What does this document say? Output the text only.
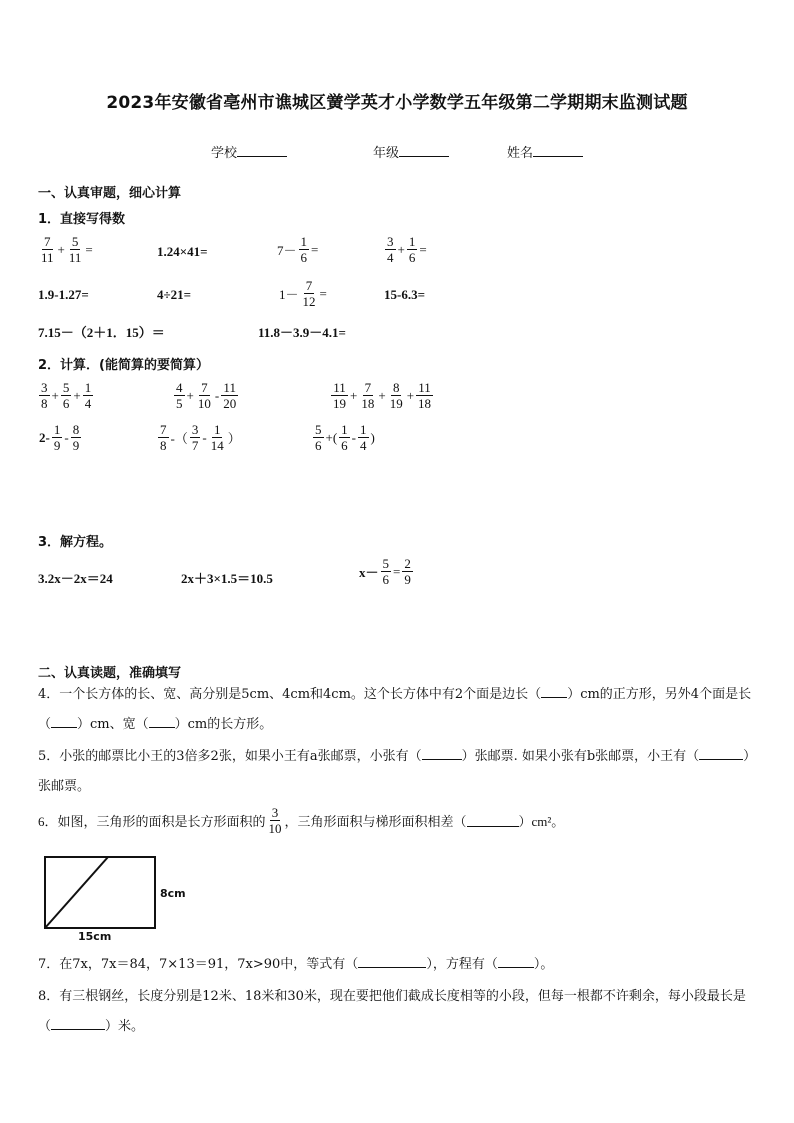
2023年安徽省亳州市谯城区黉学英才小学数学五年级第二学期期末监测试题
学校	年级	姓名
一、认真审题，细心计算
1．直接写得数
$\frac{7}{11} + \frac{5}{11}$ =	1.24×41=	$7- \frac{1}{6}$ =	$\frac{3}{4} + \frac{1}{6}$ =
1.9-1.27=	4÷21=	$1- \frac{7}{12}$ =	15-6.3=
7.15－（2＋1．15）＝	11.8－3.9－4.1=
2．计算．(能简算的要简算）
$\frac{3}{8} + \frac{5}{6} + \frac{1}{4}$	$\frac{4}{5} + \frac{7}{10} - \frac{11}{20}$	$\frac{11}{19} + \frac{7}{18} + \frac{8}{19} + \frac{11}{18}$
$2- \frac{1}{9} - \frac{8}{9}$	$\frac{7}{8}$ -（ $\frac{3}{7} - \frac{1}{14}$ ）	$\frac{5}{6}$ +( $\frac{1}{6} - \frac{1}{4}$ )
3．解方程。
3.2x－2x＝24	2x＋3×1.5＝10.5	$x- \frac{5}{6} = \frac{2}{9}$
二、认真读题，准确填写
4．一个长方体的长、宽、高分别是5cm、4cm和4cm。这个长方体中有2个面是边长（ ）cm的正方形，另外4个面是长（ ）cm、宽（ ）cm的长方形。
5．小张的邮票比小王的3倍多2张，如果小王有a张邮票，小张有（	）张邮票. 如果小张有b张邮票，小王有（	）张邮票。
6．如图，三角形的面积是长方形面积的 $\frac{3}{10}$ ，三角形面积与梯形面积相差（	）cm²。
8cm
15cm
7．在7x，7x＝84，7×13＝91，7x>90中，等式有（	），方程有（	）。
8．有三根钢丝，长度分别是12米、18米和30米，现在要把他们截成长度相等的小段，但每一根都不许剩余，每小段最长是（	）米。
